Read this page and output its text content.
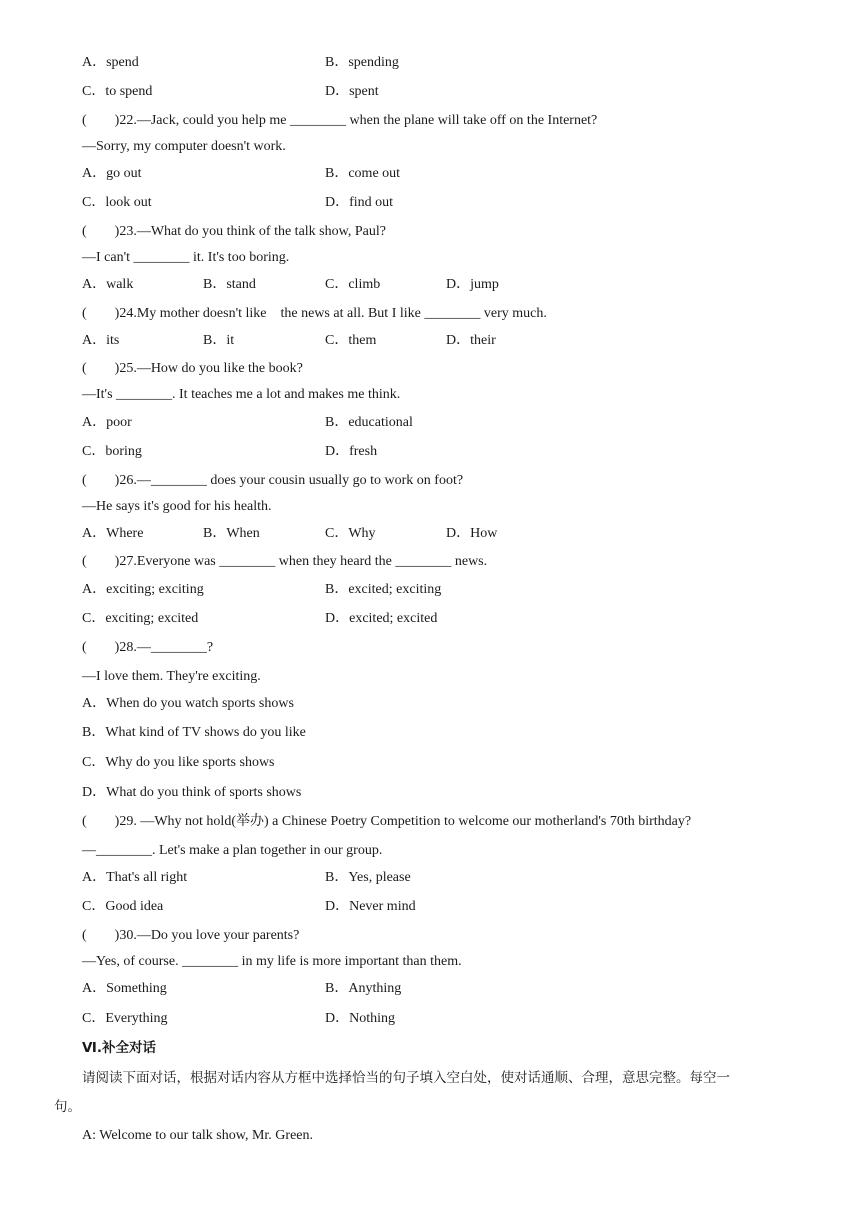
A．spend	B．spending
C．to spend	D．spent
(        )22.—Jack, could you help me ________ when the plane will take off on the Internet?
—Sorry, my computer doesn't work.
A．go out	B．come out
C．look out	D．find out
(        )23.—What do you think of the talk show, Paul?
—I can't ________ it. It's too boring.
A．walk	B．stand	C．climb	D．jump
(        )24.My mother doesn't like    the news at all. But I like ________ very much.
A．its	B．it	C．them	D．their
(        )25.—How do you like the book?
—It's ________. It teaches me a lot and makes me think.
A．poor	B．educational
C．boring	D．fresh
(        )26.—________ does your cousin usually go to work on foot?
—He says it's good for his health.
A．Where	B．When	C．Why	D．How
(        )27.Everyone was ________ when they heard the ________ news.
A．exciting; exciting	B．excited; exciting
C．exciting; excited	D．excited; excited
(        )28.—________?
—I love them. They're exciting.
A．When do you watch sports shows
B．What kind of TV shows do you like
C．Why do you like sports shows
D．What do you think of sports shows
(        )29. —Why not hold(举办) a Chinese Poetry Competition to welcome our motherland's 70th birthday?
—________. Let's make a plan together in our group.
A．That's all right	B．Yes, please
C．Good idea	D．Never mind
(        )30.—Do you love your parents?
—Yes, of course. ________ in my life is more important than them.
A．Something	B．Anything
C．Everything	D．Nothing
Ⅵ.补全对话
请阅读下面对话，根据对话内容从方框中选择恰当的句子填入空白处，使对话通顺、合理，意思完整。每空一
句。
A: Welcome to our talk show, Mr. Green.
